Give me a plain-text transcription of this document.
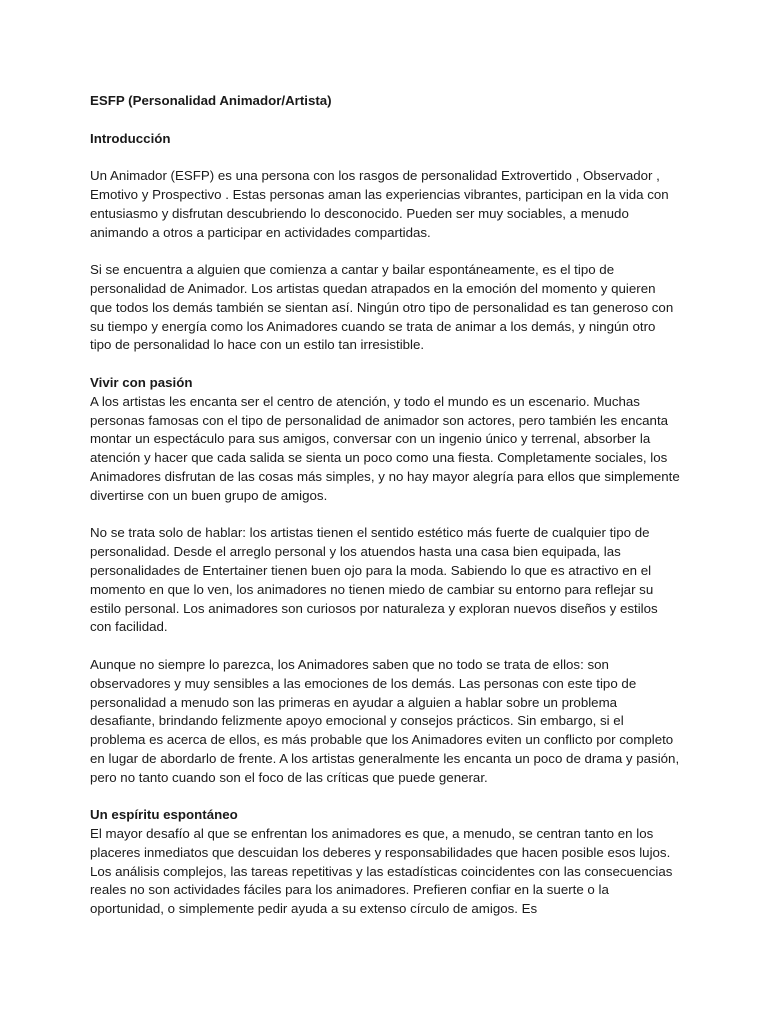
ESFP (Personalidad Animador/Artista)
Introducción

Un Animador (ESFP) es una persona con los rasgos de personalidad Extrovertido , Observador , Emotivo y Prospectivo . Estas personas aman las experiencias vibrantes, participan en la vida con entusiasmo y disfrutan descubriendo lo desconocido. Pueden ser muy sociables, a menudo animando a otros a participar en actividades compartidas.

Si se encuentra a alguien que comienza a cantar y bailar espontáneamente, es el tipo de personalidad de Animador. Los artistas quedan atrapados en la emoción del momento y quieren que todos los demás también se sientan así. Ningún otro tipo de personalidad es tan generoso con su tiempo y energía como los Animadores cuando se trata de animar a los demás, y ningún otro tipo de personalidad lo hace con un estilo tan irresistible.

Vivir con pasión

A los artistas les encanta ser el centro de atención, y todo el mundo es un escenario. Muchas personas famosas con el tipo de personalidad de animador son actores, pero también les encanta montar un espectáculo para sus amigos, conversar con un ingenio único y terrenal, absorber la atención y hacer que cada salida se sienta un poco como una fiesta. Completamente sociales, los Animadores disfrutan de las cosas más simples, y no hay mayor alegría para ellos que simplemente divertirse con un buen grupo de amigos.

No se trata solo de hablar: los artistas tienen el sentido estético más fuerte de cualquier tipo de personalidad. Desde el arreglo personal y los atuendos hasta una casa bien equipada, las personalidades de Entertainer tienen buen ojo para la moda. Sabiendo lo que es atractivo en el momento en que lo ven, los animadores no tienen miedo de cambiar su entorno para reflejar su estilo personal. Los animadores son curiosos por naturaleza y exploran nuevos diseños y estilos con facilidad.

Aunque no siempre lo parezca, los Animadores saben que no todo se trata de ellos: son observadores y muy sensibles a las emociones de los demás. Las personas con este tipo de personalidad a menudo son las primeras en ayudar a alguien a hablar sobre un problema desafiante, brindando felizmente apoyo emocional y consejos prácticos. Sin embargo, si el problema es acerca de ellos, es más probable que los Animadores eviten un conflicto por completo en lugar de abordarlo de frente. A los artistas generalmente les encanta un poco de drama y pasión, pero no tanto cuando son el foco de las críticas que puede generar.

Un espíritu espontáneo

El mayor desafío al que se enfrentan los animadores es que, a menudo, se centran tanto en los placeres inmediatos que descuidan los deberes y responsabilidades que hacen posible esos lujos. Los análisis complejos, las tareas repetitivas y las estadísticas coincidentes con las consecuencias reales no son actividades fáciles para los animadores. Prefieren confiar en la suerte o la oportunidad, o simplemente pedir ayuda a su extenso círculo de amigos. Es
